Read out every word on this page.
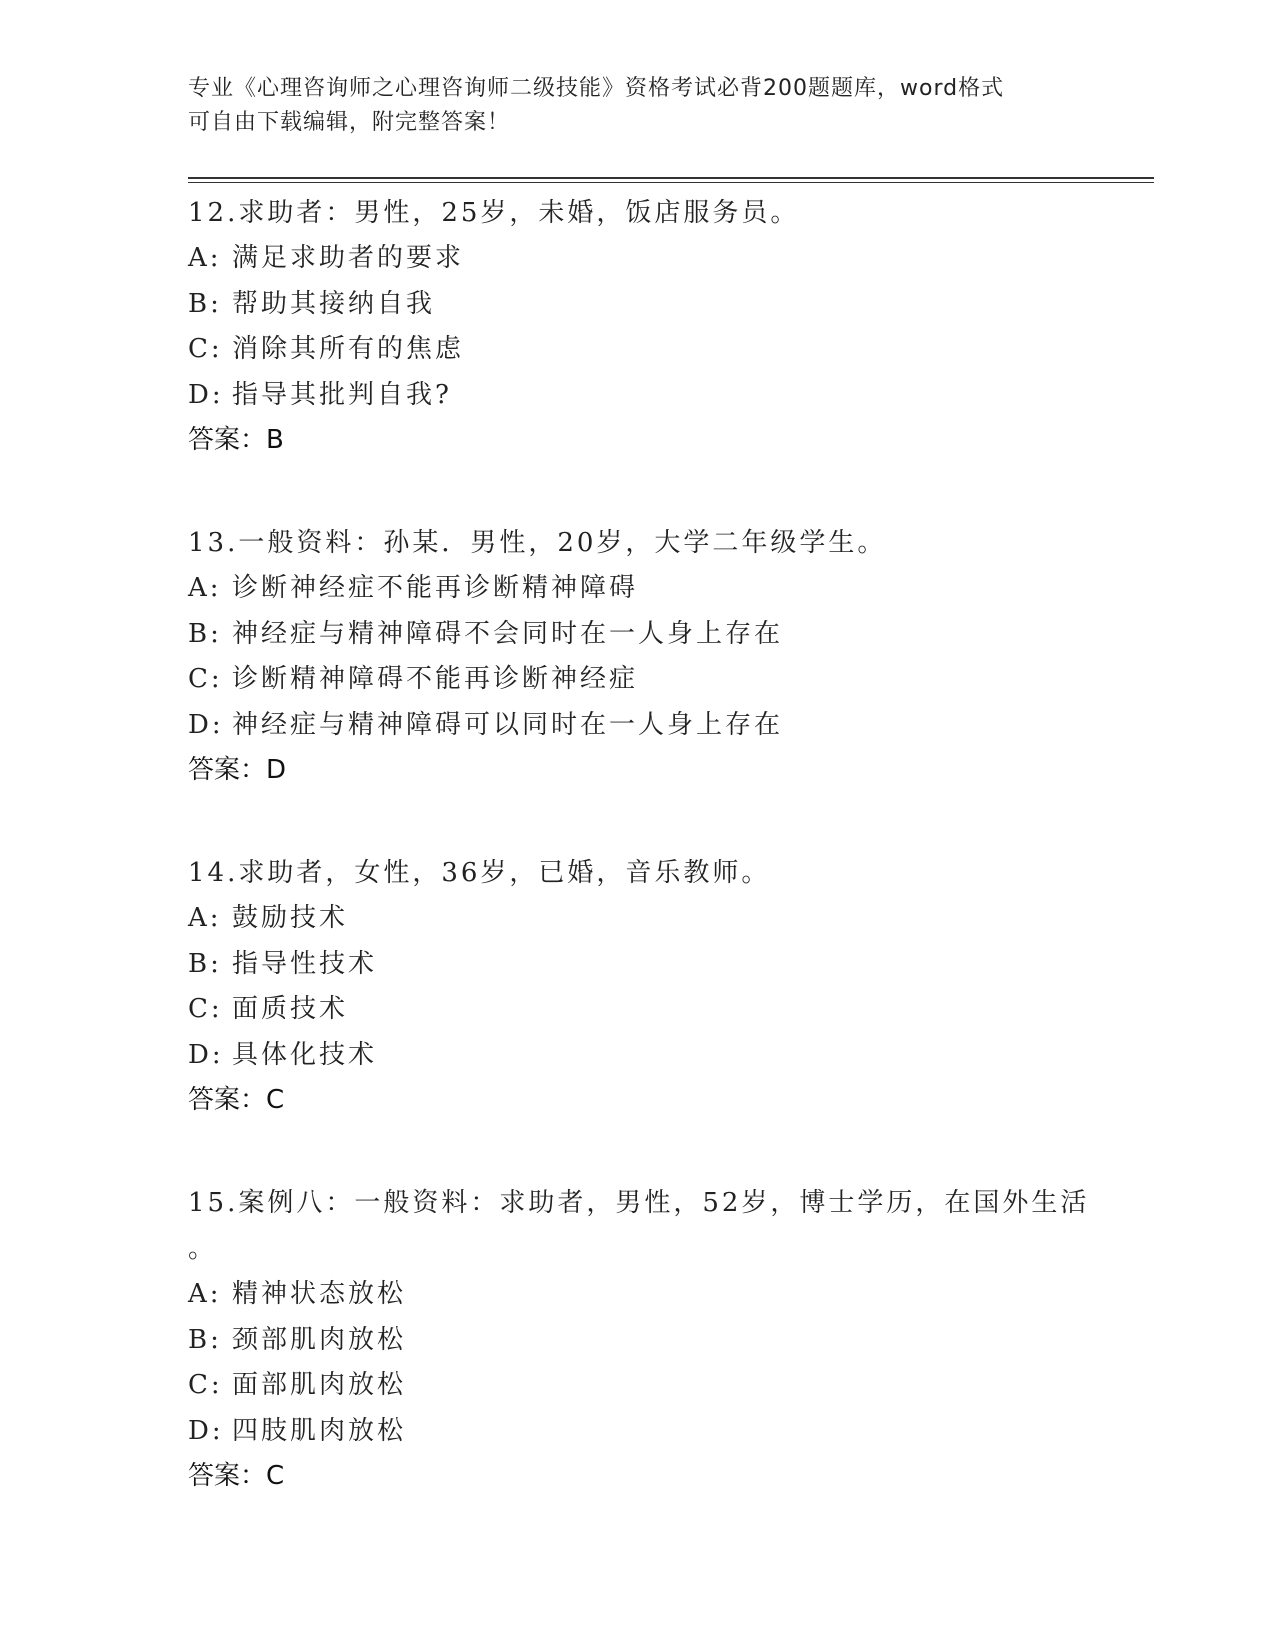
专业《心理咨询师之心理咨询师二级技能》资格考试必背200题题库，word格式
可自由下载编辑，附完整答案！
12.求助者：男性，25岁，未婚，饭店服务员。
A: 满足求助者的要求
B: 帮助其接纳自我
C: 消除其所有的焦虑
D: 指导其批判自我?
答案：B
13.一般资料：孙某．男性，20岁，大学二年级学生。
A: 诊断神经症不能再诊断精神障碍
B: 神经症与精神障碍不会同时在一人身上存在
C: 诊断精神障碍不能再诊断神经症
D: 神经症与精神障碍可以同时在一人身上存在
答案：D
14.求助者，女性，36岁，已婚，音乐教师。
A: 鼓励技术
B: 指导性技术
C: 面质技术
D: 具体化技术
答案：C
15.案例八：一般资料：求助者，男性，52岁，博士学历，在国外生活
。
A: 精神状态放松
B: 颈部肌肉放松
C: 面部肌肉放松
D: 四肢肌肉放松
答案：C
